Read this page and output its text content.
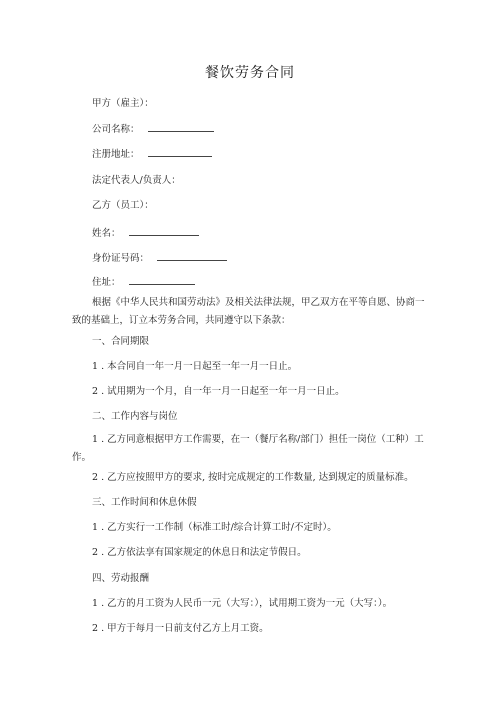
餐饮劳务合同
甲方（雇主）：
公司名称：
注册地址：
法定代表人/负责人：
乙方（员工）：
姓名：
身份证号码：
住址：
根据《中华人民共和国劳动法》及相关法律法规，甲乙双方在平等自愿、协商一致的基础上，订立本劳务合同，共同遵守以下条款：
一、合同期限
1 . 本合同自一年一月一日起至一年一月一日止。
2 . 试用期为一个月，自一年一月一日起至一年一月一日止。
二、工作内容与岗位
1 . 乙方同意根据甲方工作需要，在一（餐厅名称/部门）担任一岗位（工种）工作。
2 . 乙方应按照甲方的要求, 按时完成规定的工作数量, 达到规定的质量标准。
三、工作时间和休息休假
1 . 乙方实行一工作制（标准工时/综合计算工时/不定时）。
2 . 乙方依法享有国家规定的休息日和法定节假日。
四、劳动报酬
1 . 乙方的月工资为人民币一元（大写：），试用期工资为一元（大写：）。
2 . 甲方于每月一日前支付乙方上月工资。
